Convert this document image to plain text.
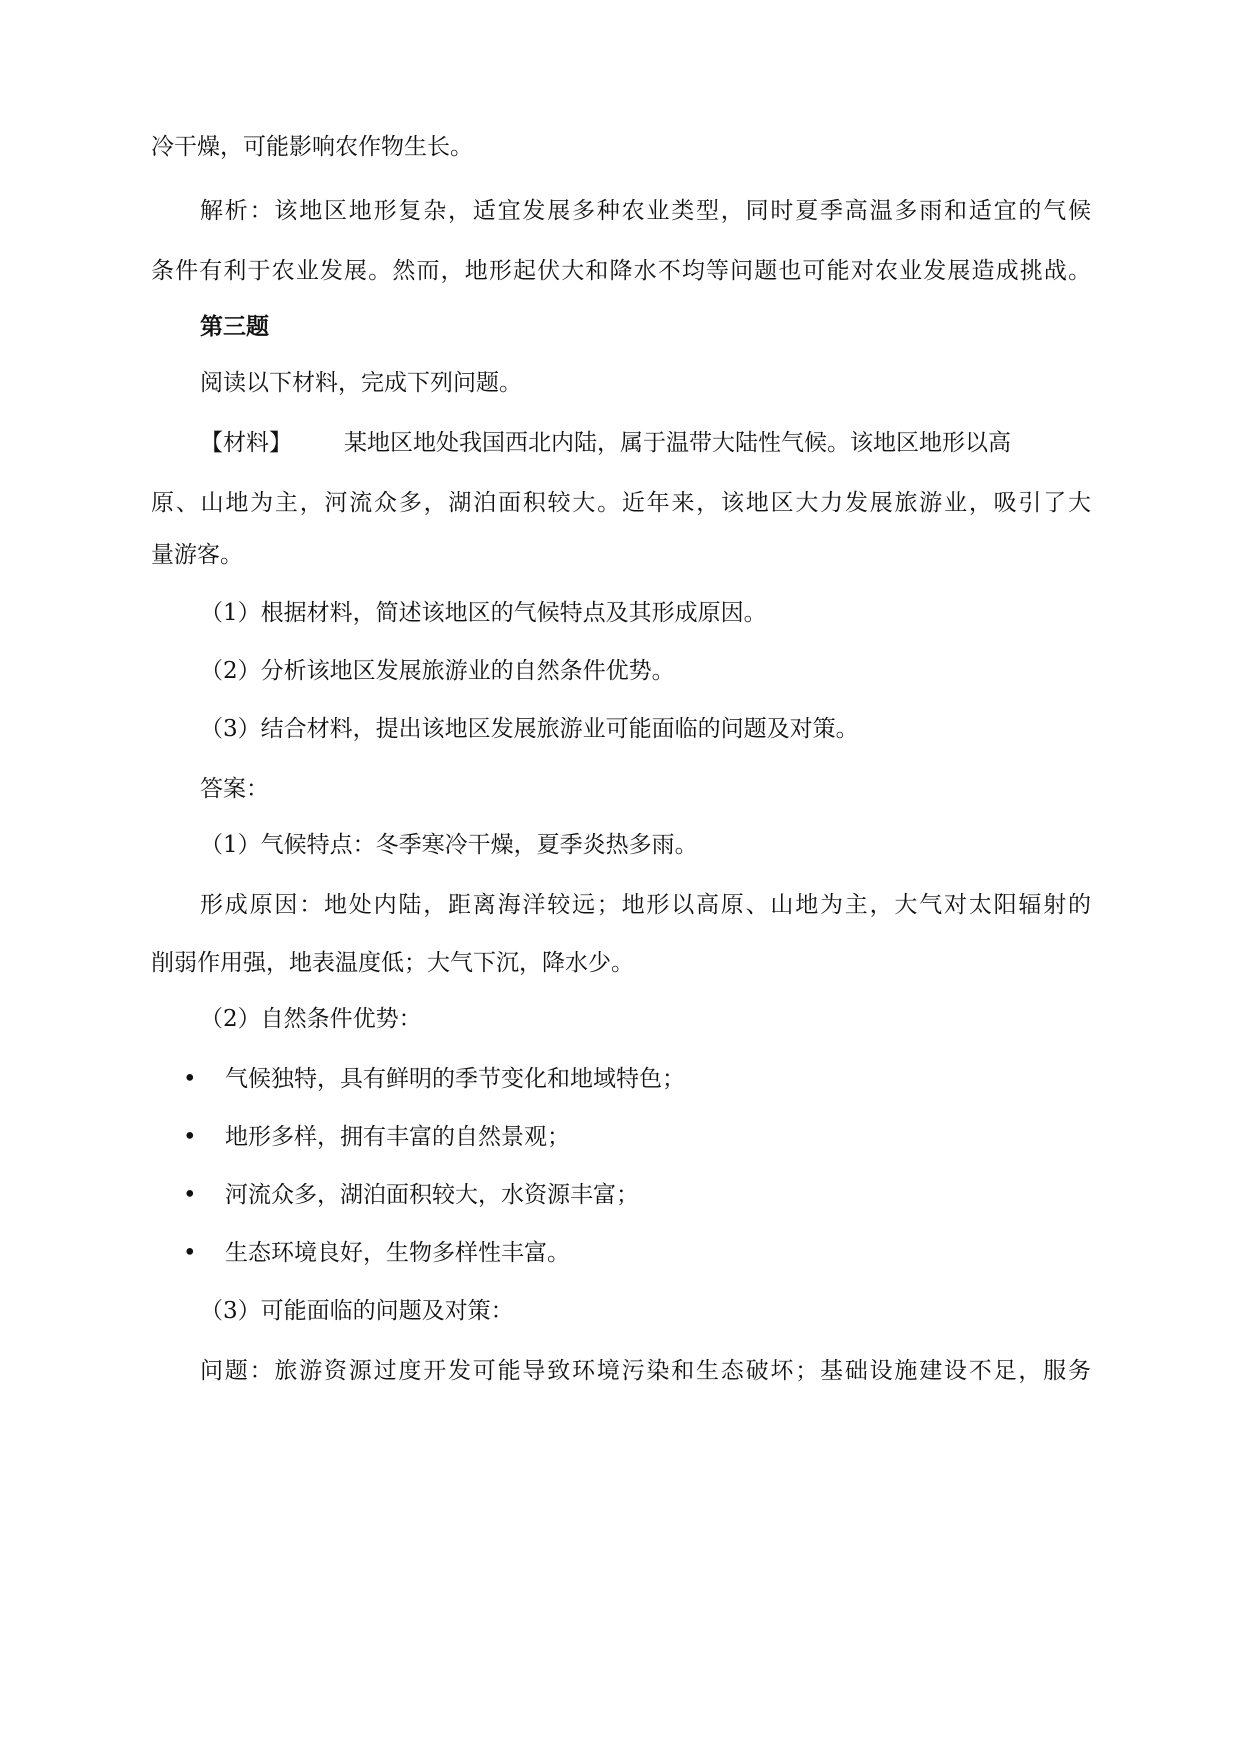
冷干燥，可能影响农作物生长。
解析：该地区地形复杂，适宜发展多种农业类型，同时夏季高温多雨和适宜的气候
条件有利于农业发展。然而，地形起伏大和降水不均等问题也可能对农业发展造成挑战。
第三题
阅读以下材料，完成下列问题。
【材料】 某地区地处我国西北内陆，属于温带大陆性气候。该地区地形以高
原、山地为主，河流众多，湖泊面积较大。近年来，该地区大力发展旅游业，吸引了大
量游客。
（1）根据材料，简述该地区的气候特点及其形成原因。
（2）分析该地区发展旅游业的自然条件优势。
（3）结合材料，提出该地区发展旅游业可能面临的问题及对策。
答案：
（1）气候特点：冬季寒冷干燥，夏季炎热多雨。
形成原因：地处内陆，距离海洋较远；地形以高原、山地为主，大气对太阳辐射的
削弱作用强，地表温度低；大气下沉，降水少。
（2）自然条件优势：
•	气候独特，具有鲜明的季节变化和地域特色；
•	地形多样，拥有丰富的自然景观；
•	河流众多，湖泊面积较大，水资源丰富；
•	生态环境良好，生物多样性丰富。
（3）可能面临的问题及对策：
问题：旅游资源过度开发可能导致环境污染和生态破坏；基础设施建设不足，服务
